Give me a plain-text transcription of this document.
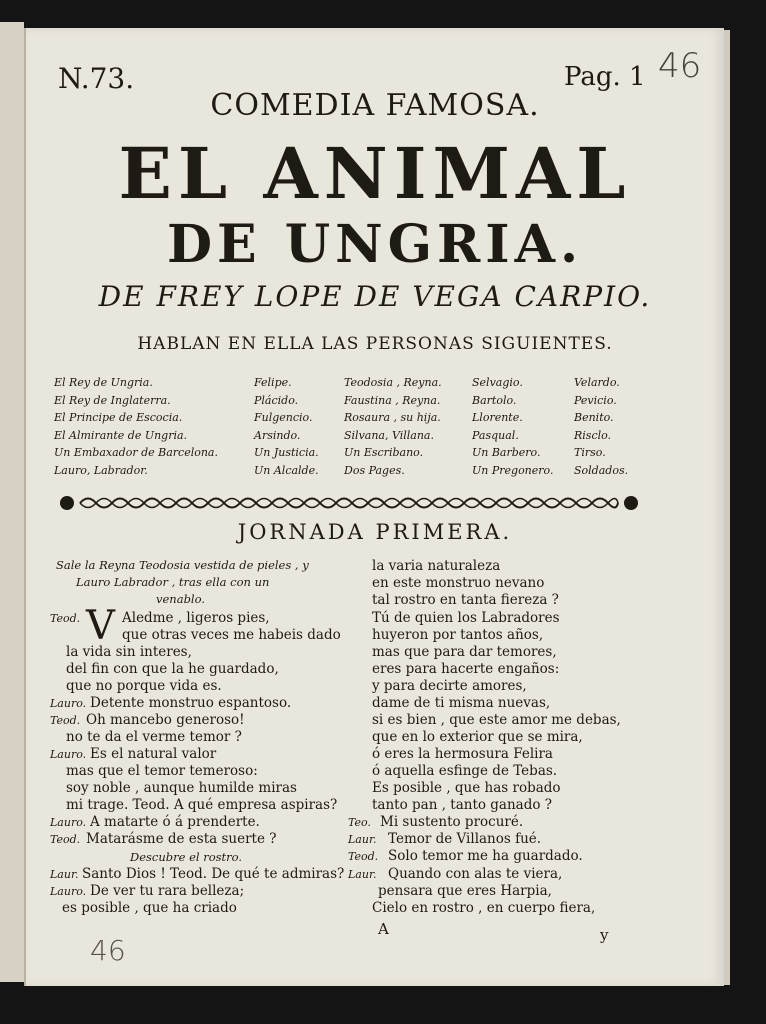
N.73.	Pag. 1 46
COMEDIA FAMOSA.
EL ANIMAL
DE UNGRIA.
DE FREY LOPE DE VEGA CARPIO.
HABLAN EN ELLA LAS PERSONAS SIGUIENTES.
El Rey de Ungria.
El Rey de Inglaterra.
El Principe de Escocia.
El Almirante de Ungria.
Un Embaxador de Barcelona.
Lauro, Labrador.
Felipe.
Plácido.
Fulgencio.
Arsindo.
Un Justicia.
Un Alcalde.
Teodosia , Reyna.
Faustina , Reyna.
Rosaura , su hija.
Silvana, Villana.
Un Escribano.
Dos Pages.
Selvagio.
Bartolo.
Llorente.
Pasqual.
Un Barbero.
Un Pregonero.
Velardo.
Pevicio.
Benito.
Risclo.
Tirso.
Soldados.
JORNADA PRIMERA.
Sale la Reyna Teodosia vestida de pieles , y
Lauro Labrador , tras ella con un
venablo.
Teod. V Aledme , ligeros pies,
que otras veces me habeis dado
la vida sin interes,
del fin con que la he guardado,
que no porque vida es.
Lauro. Detente monstruo espantoso.
Teod. Oh mancebo generoso!
no te da el verme temor ?
Lauro. Es el natural valor
mas que el temor temeroso:
soy noble , aunque humilde miras
mi trage. Teod. A qué empresa aspiras?
Lauro. A matarte ó á prenderte.
Teod. Matarásme de esta suerte ?
Descubre el rostro.
Laur. Santo Dios ! Teod. De qué te admiras?
Lauro. De ver tu rara belleza;
es posible , que ha criado
la varia naturaleza
en este monstruo nevano
tal rostro en tanta fiereza ?
Tú de quien los Labradores
huyeron por tantos años,
mas que para dar temores,
eres para hacerte engaños:
y para decirte amores,
dame de ti misma nuevas,
si es bien , que este amor me debas,
que en lo exterior que se mira,
ó eres la hermosura Felira
ó aquella esfinge de Tebas.
Es posible , que has robado
tanto pan , tanto ganado ?
Teo. Mi sustento procuré.
Laur. Temor de Villanos fué.
Teod. Solo temor me ha guardado.
Laur. Quando con alas te viera,
pensara que eres Harpia,
Cielo en rostro , en cuerpo fiera,
A	y
46
